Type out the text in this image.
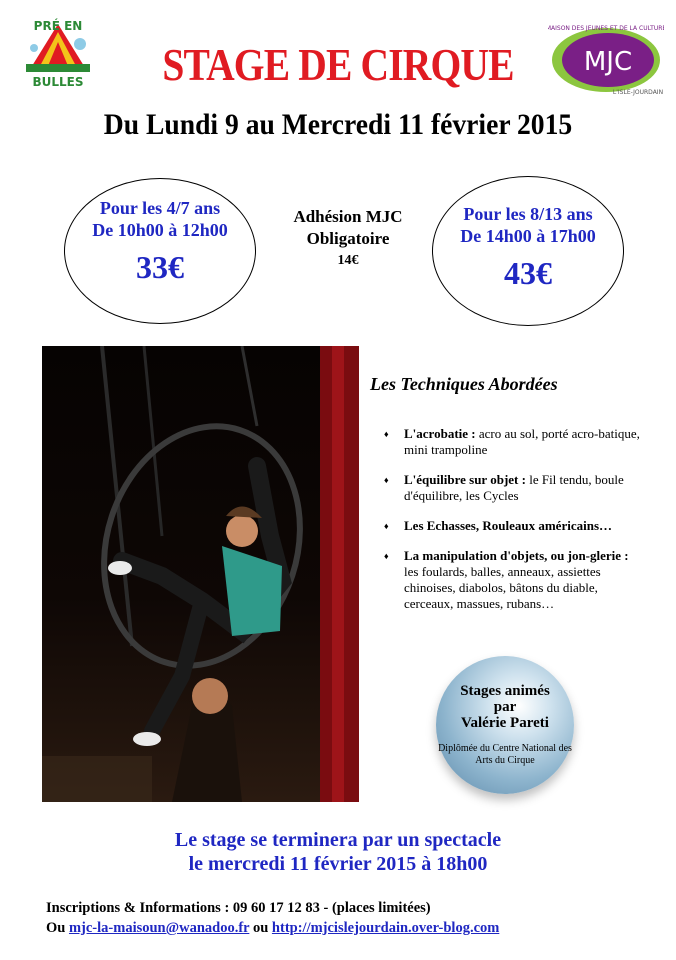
PRÉ EN
BULLES
MJC
MAISON DES JEUNES ET DE LA CULTURE
L'ISLE-JOURDAIN
STAGE DE CIRQUE
Du Lundi 9 au Mercredi 11 février 2015
Pour les 4/7 ans
De 10h00 à 12h00
33€
Adhésion MJC
Obligatoire
14€
Pour les 8/13 ans
De 14h00 à 17h00
43€
Les Techniques Abordées
♦ L'acrobatie : acro au sol, porté acro-batique, mini trampoline
♦ L'équilibre sur objet : le Fil tendu, boule d'équilibre, les Cycles
♦ Les Echasses, Rouleaux américains…
♦ La manipulation d'objets, ou jon-glerie : les foulards, balles, anneaux, assiettes chinoises, diabolos, bâtons du diable, cerceaux, massues, rubans…
Stages animés
par
Valérie Pareti
Diplômée du Centre National des Arts du Cirque
Le stage se terminera par un spectacle
le mercredi 11 février 2015 à 18h00
Inscriptions & Informations : 09 60 17 12 83 - (places limitées)
Ou mjc-la-maisoun@wanadoo.fr ou http://mjcislejourdain.over-blog.com
